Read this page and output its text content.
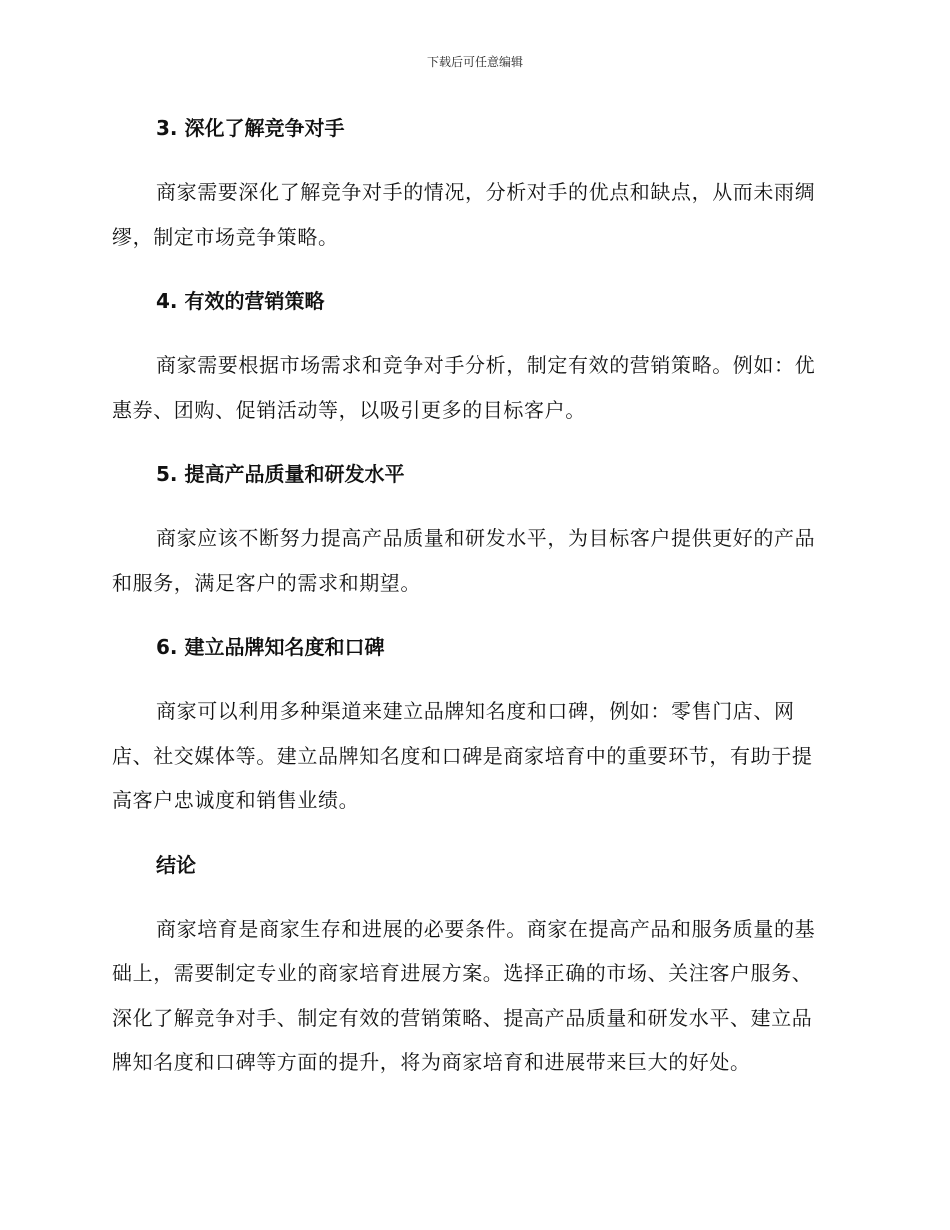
下载后可任意编辑
3. 深化了解竞争对手

商家需要深化了解竞争对手的情况，分析对手的优点和缺点，从而未雨绸缪，制定市场竞争策略。

4. 有效的营销策略

商家需要根据市场需求和竞争对手分析，制定有效的营销策略。例如：优惠券、团购、促销活动等，以吸引更多的目标客户。

5. 提高产品质量和研发水平

商家应该不断努力提高产品质量和研发水平，为目标客户提供更好的产品和服务，满足客户的需求和期望。

6. 建立品牌知名度和口碑

商家可以利用多种渠道来建立品牌知名度和口碑，例如：零售门店、网店、社交媒体等。建立品牌知名度和口碑是商家培育中的重要环节，有助于提高客户忠诚度和销售业绩。

结论

商家培育是商家生存和进展的必要条件。商家在提高产品和服务质量的基础上，需要制定专业的商家培育进展方案。选择正确的市场、关注客户服务、深化了解竞争对手、制定有效的营销策略、提高产品质量和研发水平、建立品牌知名度和口碑等方面的提升，将为商家培育和进展带来巨大的好处。
